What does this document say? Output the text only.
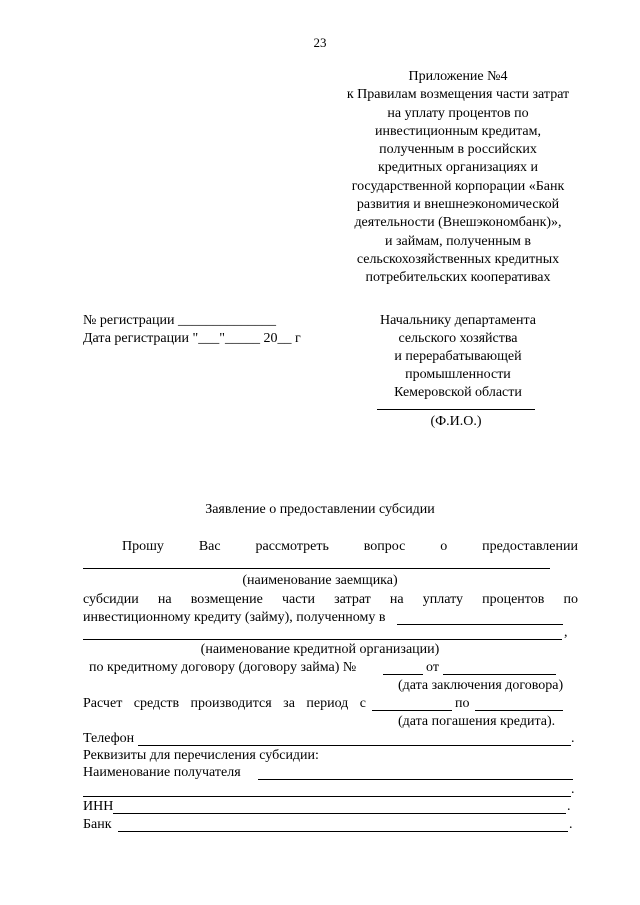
23
Приложение №4
к Правилам возмещения части затрат
на уплату процентов по
инвестиционным кредитам,
полученным в российских
кредитных организациях и
государственной корпорации «Банк
развития и внешнеэкономической
деятельности (Внешэкономбанк)»,
и займам, полученным в
сельскохозяйственных кредитных
потребительских кооперативах
№ регистрации ______________
Дата регистрации "___"_____ 20__ г
Начальнику департамента
сельского хозяйства
и перерабатывающей
промышленности
Кемеровской области
(Ф.И.О.)
Заявление о предоставлении субсидии
Прошу Вас рассмотреть вопрос о предоставлении
(наименование заемщика)
субсидии на возмещение части затрат на уплату процентов по
инвестиционному кредиту (займу), полученному в
,
(наименование кредитной организации)
по кредитному договору (договору займа) №	от
(дата заключения договора)
Расчет средств производится за период с	по
(дата погашения кредита).
Телефон	.
Реквизиты для перечисления субсидии:
Наименование получателя
.
ИНН	.
Банк	.
